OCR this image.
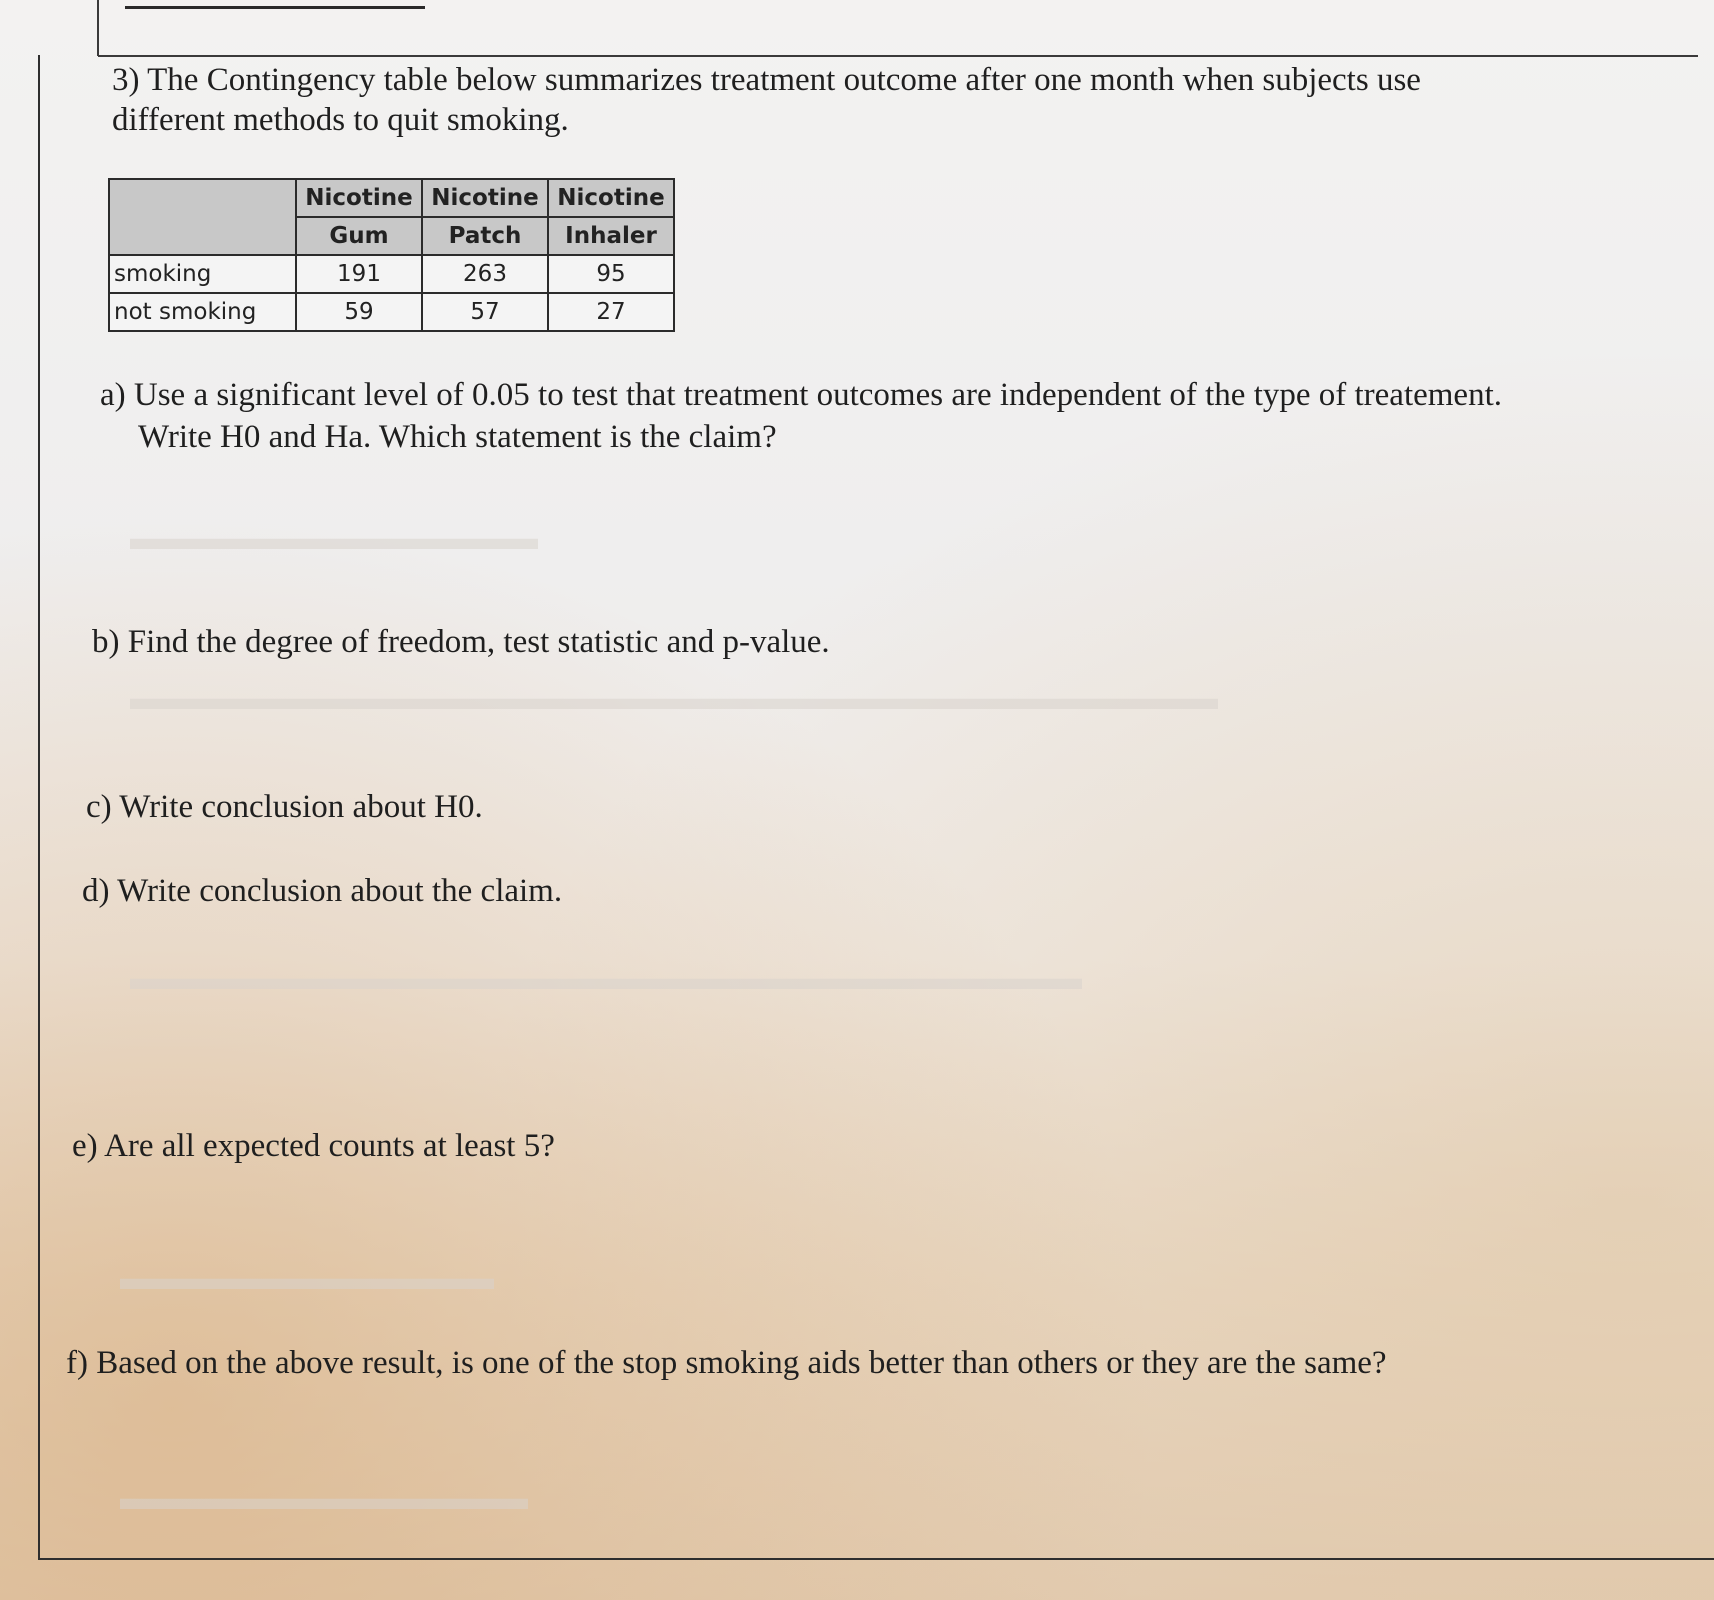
▬▬▬▬▬▬▬▬▬▬▬▬
▬▬▬▬▬▬▬▬▬▬▬▬▬▬▬▬▬▬▬▬▬▬▬▬▬▬▬▬▬▬▬▬
▬▬▬▬▬▬▬▬▬▬▬▬▬▬▬▬▬▬▬▬▬▬▬▬▬▬▬▬
▬▬▬▬▬▬▬▬▬▬▬
▬▬▬▬▬▬▬▬▬▬▬▬
3) The Contingency table below summarizes treatment outcome after one month when subjects use
different methods to quit smoking.
	Nicotine	Nicotine	Nicotine
	Gum	Patch	Inhaler
smoking	191	263	95
not smoking	59	57	27
a) Use a significant level of 0.05 to test that treatment outcomes are independent of the type of treatement.
Write H0 and Ha. Which statement is the claim?
b) Find the degree of freedom, test statistic and p-value.
c) Write conclusion about H0.
d) Write conclusion about the claim.
e) Are all expected counts at least 5?
f) Based on the above result, is one of the stop smoking aids better than others or they are the same?
